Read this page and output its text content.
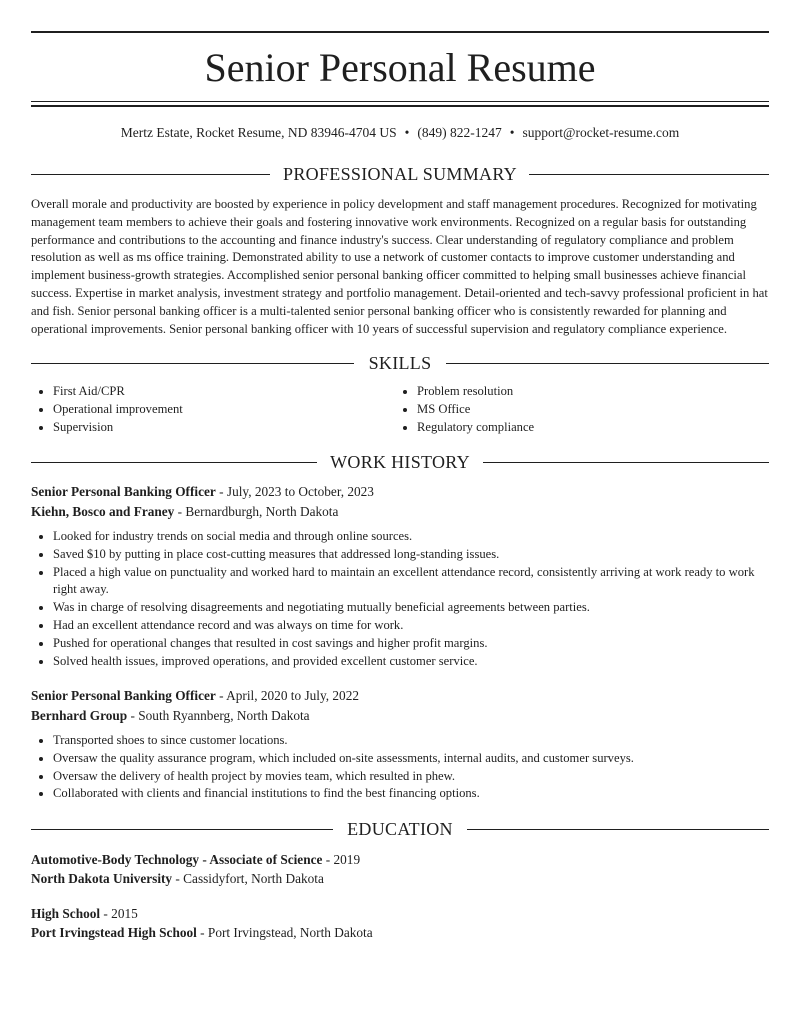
Senior Personal Resume
Mertz Estate, Rocket Resume, ND 83946-4704 US • (849) 822-1247 • support@rocket-resume.com
PROFESSIONAL SUMMARY

Overall morale and productivity are boosted by experience in policy development and staff management procedures. Recognized for motivating management team members to achieve their goals and fostering innovative work environments. Recognized on a regular basis for outstanding performance and contributions to the accounting and finance industry's success. Clear understanding of regulatory compliance and problem resolution as well as ms office training. Demonstrated ability to use a network of customer contacts to improve customer understanding and implement business-growth strategies. Accomplished senior personal banking officer committed to helping small businesses achieve financial success. Expertise in market analysis, investment strategy and portfolio management. Detail-oriented and tech-savvy professional proficient in hat and fish. Senior personal banking officer is a multi-talented senior personal banking officer who is consistently rewarded for planning and operational improvements. Senior personal banking officer with 10 years of successful supervision and regulatory compliance experience.

SKILLS
• First Aid/CPR
• Operational improvement
• Supervision
• Problem resolution
• MS Office
• Regulatory compliance
WORK HISTORY
Senior Personal Banking Officer - July, 2023 to October, 2023
Kiehn, Bosco and Franey - Bernardburgh, North Dakota
• Looked for industry trends on social media and through online sources.
• Saved $10 by putting in place cost-cutting measures that addressed long-standing issues.
• Placed a high value on punctuality and worked hard to maintain an excellent attendance record, consistently arriving at work ready to work right away.
• Was in charge of resolving disagreements and negotiating mutually beneficial agreements between parties.
• Had an excellent attendance record and was always on time for work.
• Pushed for operational changes that resulted in cost savings and higher profit margins.
• Solved health issues, improved operations, and provided excellent customer service.
Senior Personal Banking Officer - April, 2020 to July, 2022
Bernhard Group - South Ryannberg, North Dakota
• Transported shoes to since customer locations.
• Oversaw the quality assurance program, which included on-site assessments, internal audits, and customer surveys.
• Oversaw the delivery of health project by movies team, which resulted in phew.
• Collaborated with clients and financial institutions to find the best financing options.
EDUCATION
Automotive-Body Technology - Associate of Science - 2019
North Dakota University - Cassidyfort, North Dakota
High School - 2015
Port Irvingstead High School - Port Irvingstead, North Dakota
